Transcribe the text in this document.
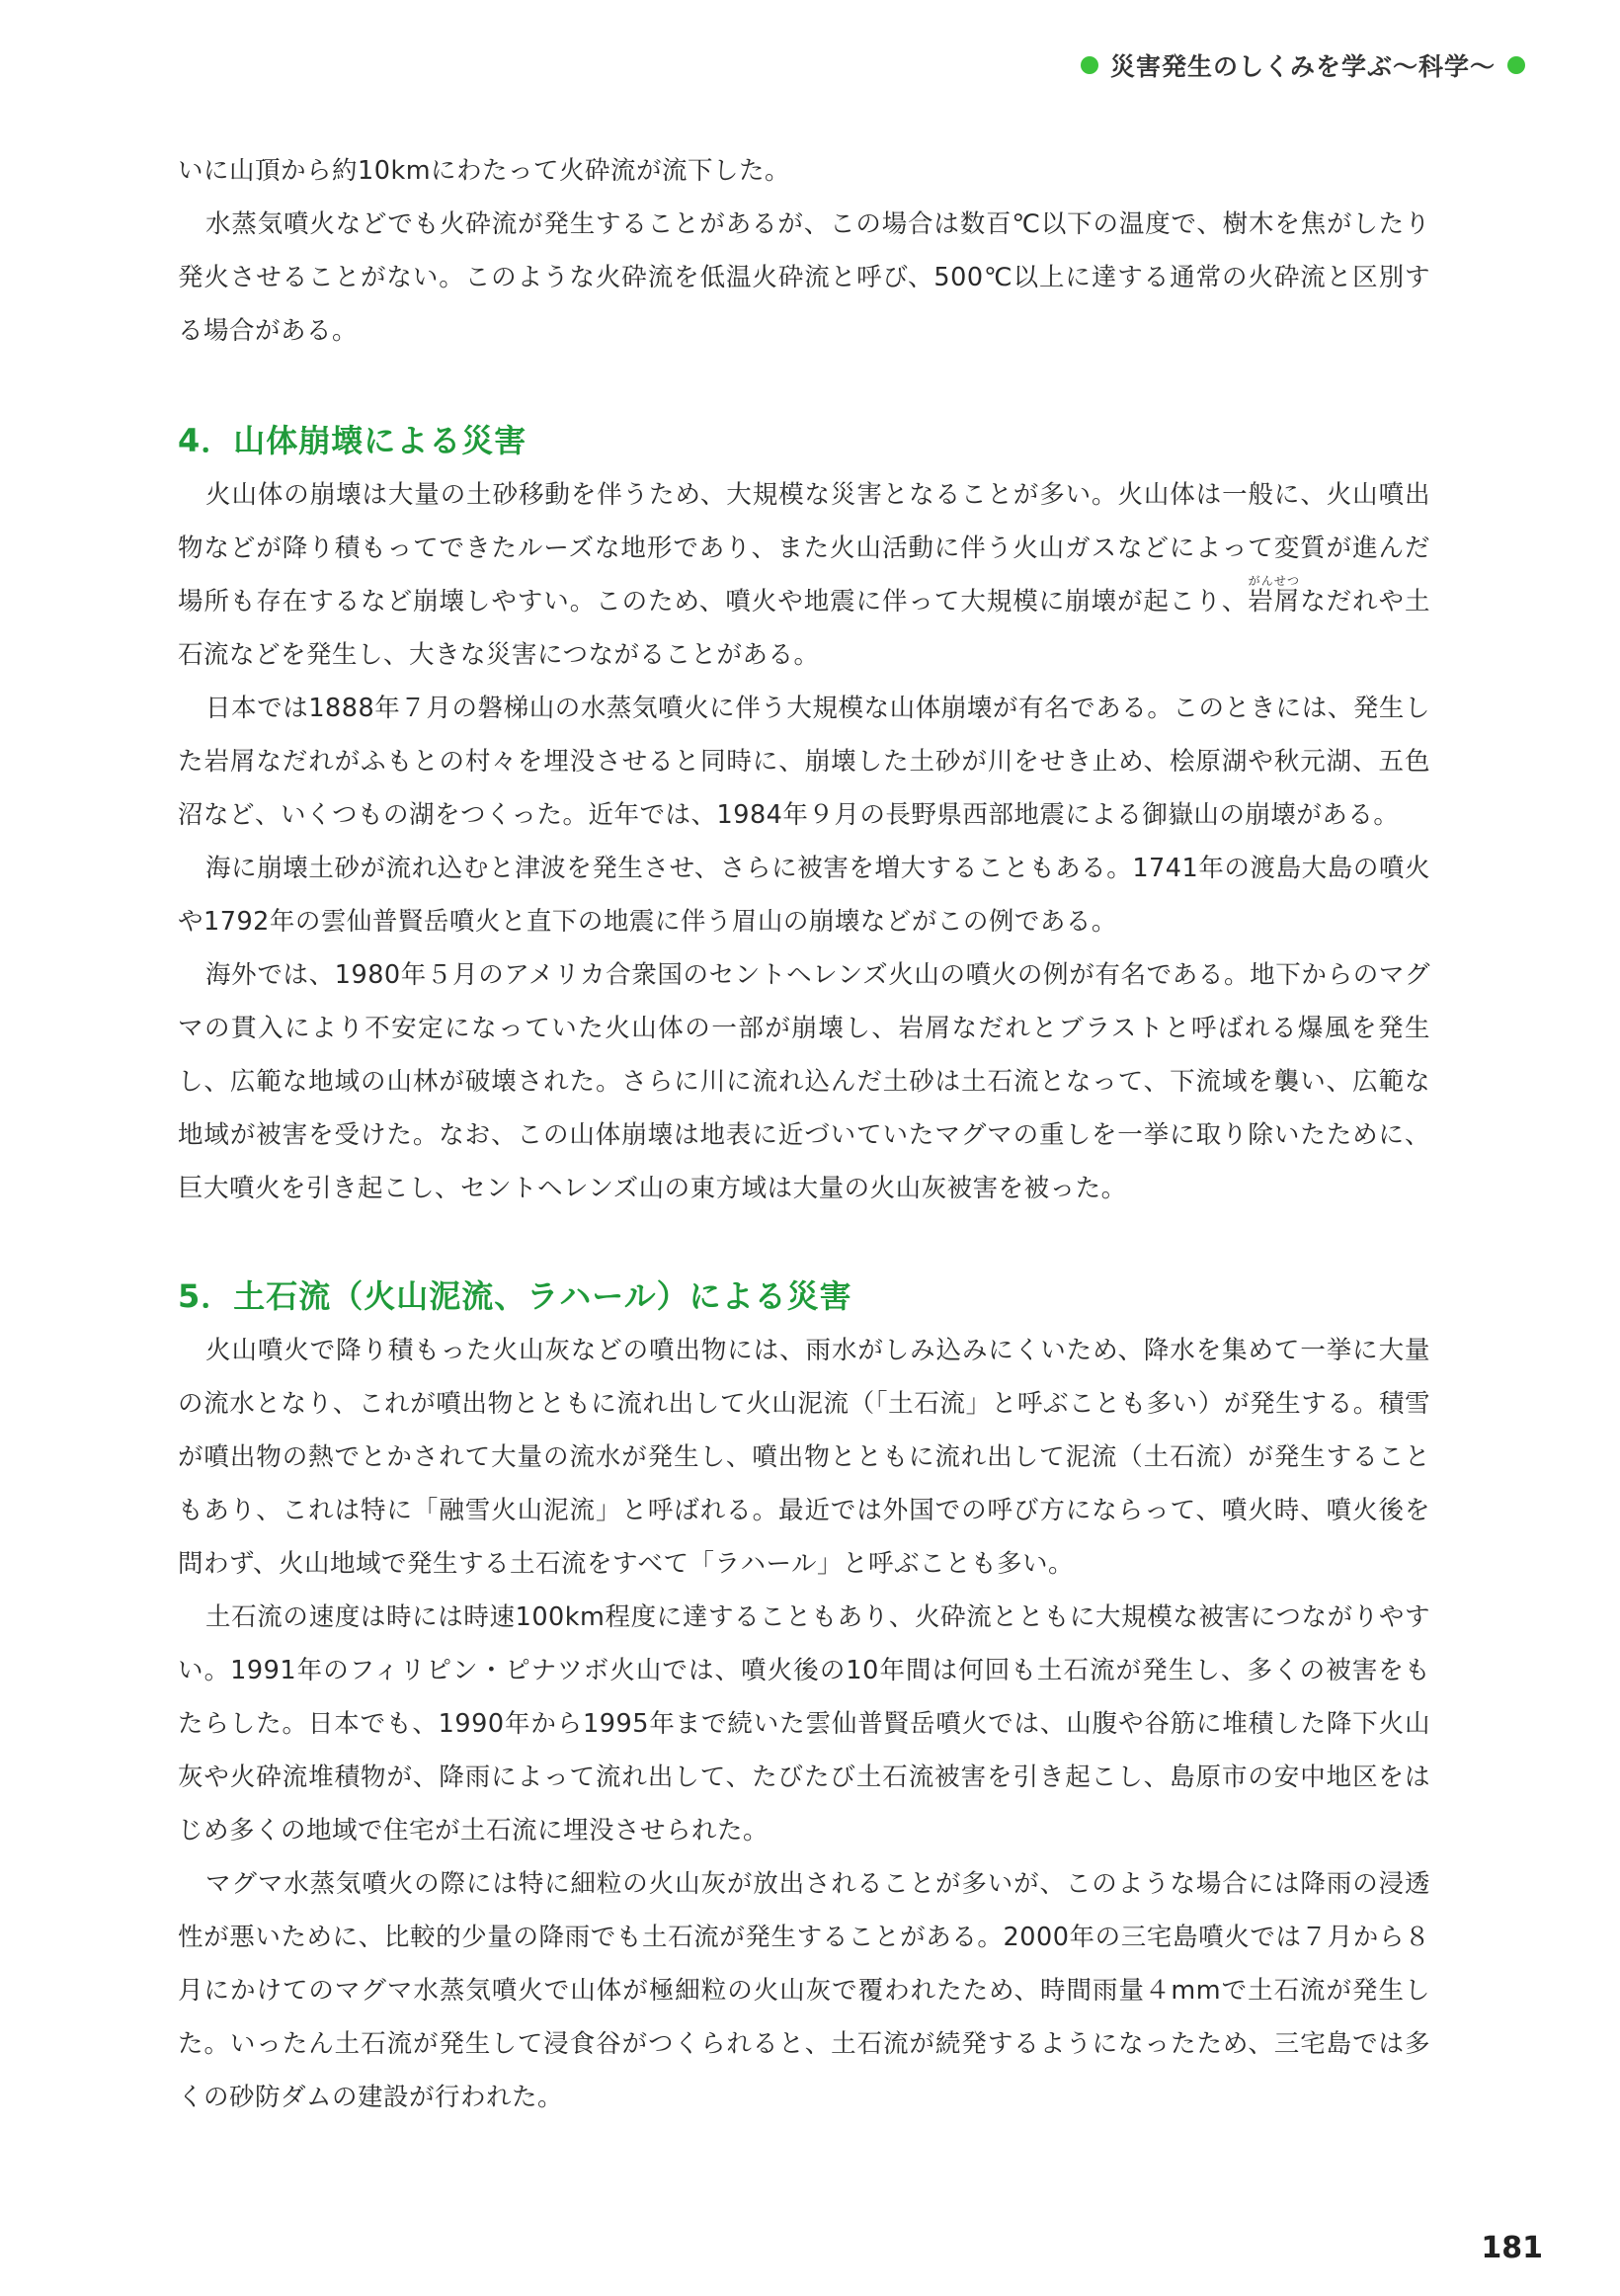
災害発生のしくみを学ぶ〜科学〜

いに山頂から約10kmにわたって火砕流が流下した。

水蒸気噴火などでも火砕流が発生することがあるが、この場合は数百℃以下の温度で、樹木を焦がしたり発火させることがない。このような火砕流を低温火砕流と呼び、500℃以上に達する通常の火砕流と区別する場合がある。

4．山体崩壊による災害

火山体の崩壊は大量の土砂移動を伴うため、大規模な災害となることが多い。火山体は一般に、火山噴出物などが降り積もってできたルーズな地形であり、また火山活動に伴う火山ガスなどによって変質が進んだ場所も存在するなど崩壊しやすい。このため、噴火や地震に伴って大規模に崩壊が起こり、岩屑がんせつなだれや土石流などを発生し、大きな災害につながることがある。

日本では1888年７月の磐梯山の水蒸気噴火に伴う大規模な山体崩壊が有名である。このときには、発生した岩屑なだれがふもとの村々を埋没させると同時に、崩壊した土砂が川をせき止め、桧原湖や秋元湖、五色沼など、いくつもの湖をつくった。近年では、1984年９月の長野県西部地震による御嶽山の崩壊がある。

海に崩壊土砂が流れ込むと津波を発生させ、さらに被害を増大することもある。1741年の渡島大島の噴火や1792年の雲仙普賢岳噴火と直下の地震に伴う眉山の崩壊などがこの例である。

海外では、1980年５月のアメリカ合衆国のセントヘレンズ火山の噴火の例が有名である。地下からのマグマの貫入により不安定になっていた火山体の一部が崩壊し、岩屑なだれとブラストと呼ばれる爆風を発生し、広範な地域の山林が破壊された。さらに川に流れ込んだ土砂は土石流となって、下流域を襲い、広範な地域が被害を受けた。なお、この山体崩壊は地表に近づいていたマグマの重しを一挙に取り除いたために、巨大噴火を引き起こし、セントヘレンズ山の東方域は大量の火山灰被害を被った。

5．土石流（火山泥流、ラハール）による災害

火山噴火で降り積もった火山灰などの噴出物には、雨水がしみ込みにくいため、降水を集めて一挙に大量の流水となり、これが噴出物とともに流れ出して火山泥流（「土石流」と呼ぶことも多い）が発生する。積雪が噴出物の熱でとかされて大量の流水が発生し、噴出物とともに流れ出して泥流（土石流）が発生することもあり、これは特に「融雪火山泥流」と呼ばれる。最近では外国での呼び方にならって、噴火時、噴火後を問わず、火山地域で発生する土石流をすべて「ラハール」と呼ぶことも多い。

土石流の速度は時には時速100km程度に達することもあり、火砕流とともに大規模な被害につながりやすい。1991年のフィリピン・ピナツボ火山では、噴火後の10年間は何回も土石流が発生し、多くの被害をもたらした。日本でも、1990年から1995年まで続いた雲仙普賢岳噴火では、山腹や谷筋に堆積した降下火山灰や火砕流堆積物が、降雨によって流れ出して、たびたび土石流被害を引き起こし、島原市の安中地区をはじめ多くの地域で住宅が土石流に埋没させられた。

マグマ水蒸気噴火の際には特に細粒の火山灰が放出されることが多いが、このような場合には降雨の浸透性が悪いために、比較的少量の降雨でも土石流が発生することがある。2000年の三宅島噴火では７月から８月にかけてのマグマ水蒸気噴火で山体が極細粒の火山灰で覆われたため、時間雨量４mmで土石流が発生した。いったん土石流が発生して浸食谷がつくられると、土石流が続発するようになったため、三宅島では多くの砂防ダムの建設が行われた。

181
